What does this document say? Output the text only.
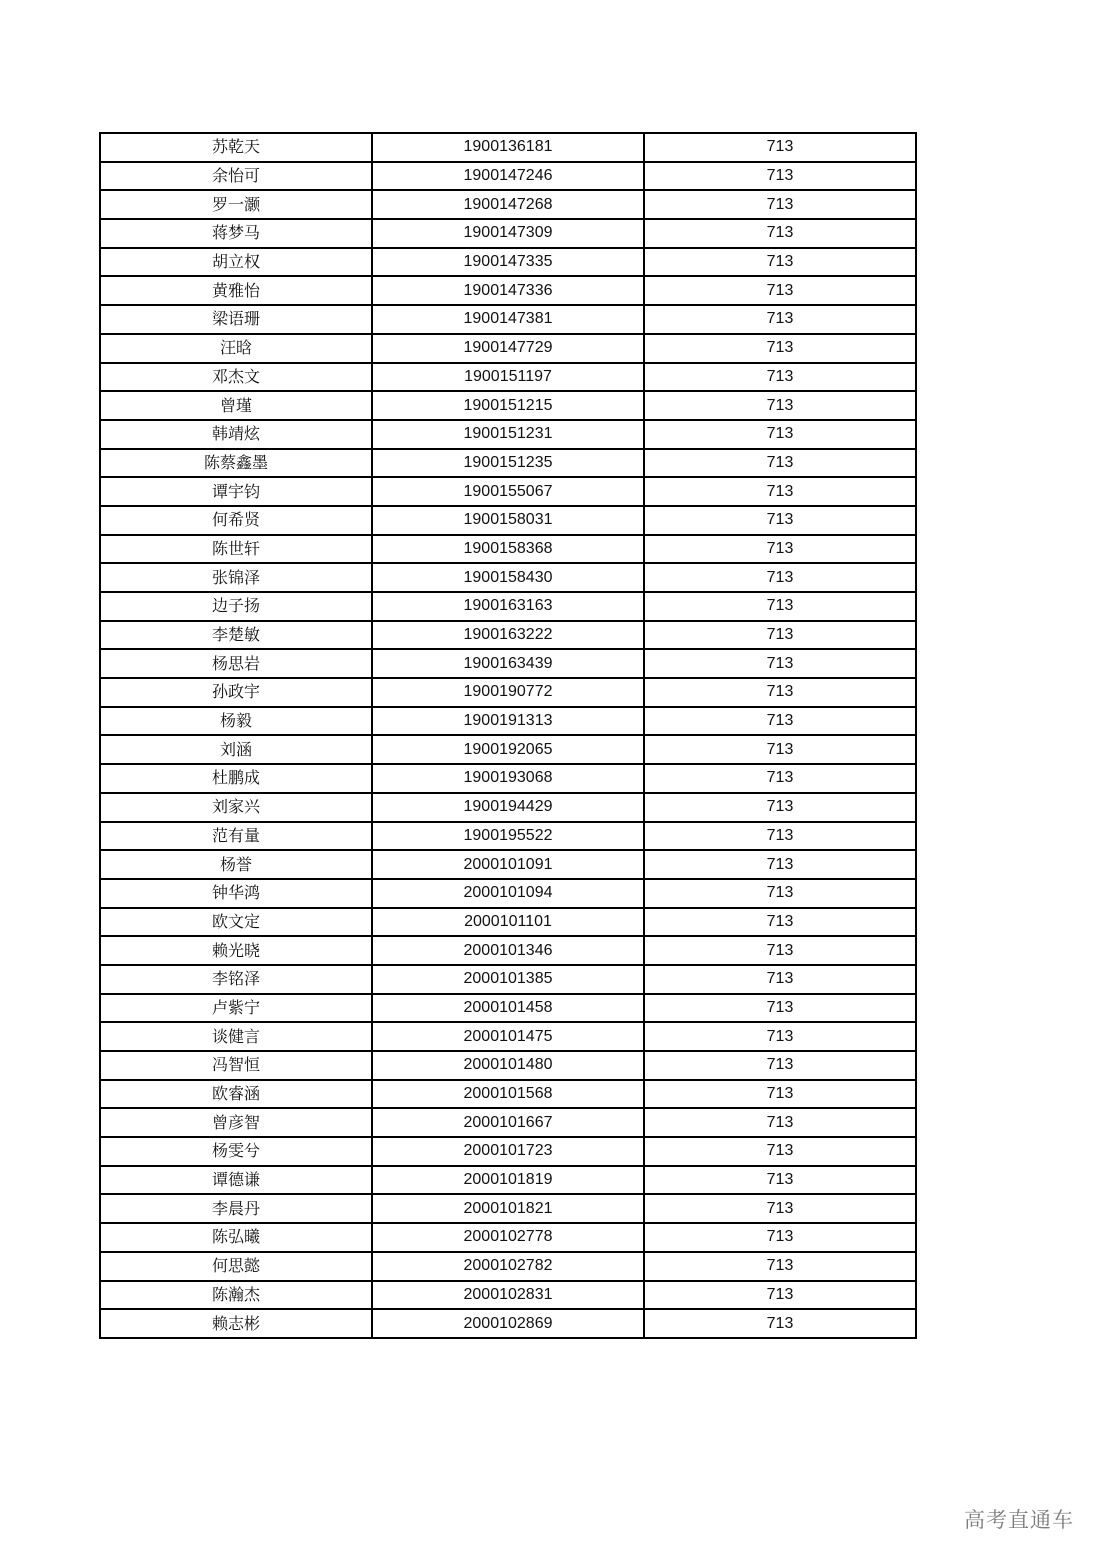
苏乾天	1900136181	713
余怡可	1900147246	713
罗一灏	1900147268	713
蒋梦马	1900147309	713
胡立权	1900147335	713
黄雅怡	1900147336	713
梁语珊	1900147381	713
汪晗	1900147729	713
邓杰文	1900151197	713
曾瑾	1900151215	713
韩靖炫	1900151231	713
陈蔡鑫墨	1900151235	713
谭宇钧	1900155067	713
何希贤	1900158031	713
陈世轩	1900158368	713
张锦泽	1900158430	713
边子扬	1900163163	713
李楚敏	1900163222	713
杨思岩	1900163439	713
孙政宇	1900190772	713
杨毅	1900191313	713
刘涵	1900192065	713
杜鹏成	1900193068	713
刘家兴	1900194429	713
范有量	1900195522	713
杨誉	2000101091	713
钟华鸿	2000101094	713
欧文定	2000101101	713
赖光晓	2000101346	713
李铭泽	2000101385	713
卢紫宁	2000101458	713
谈健言	2000101475	713
冯智恒	2000101480	713
欧睿涵	2000101568	713
曾彦智	2000101667	713
杨雯兮	2000101723	713
谭德谦	2000101819	713
李晨丹	2000101821	713
陈弘曦	2000102778	713
何思懿	2000102782	713
陈瀚杰	2000102831	713
赖志彬	2000102869	713
高考直通车
